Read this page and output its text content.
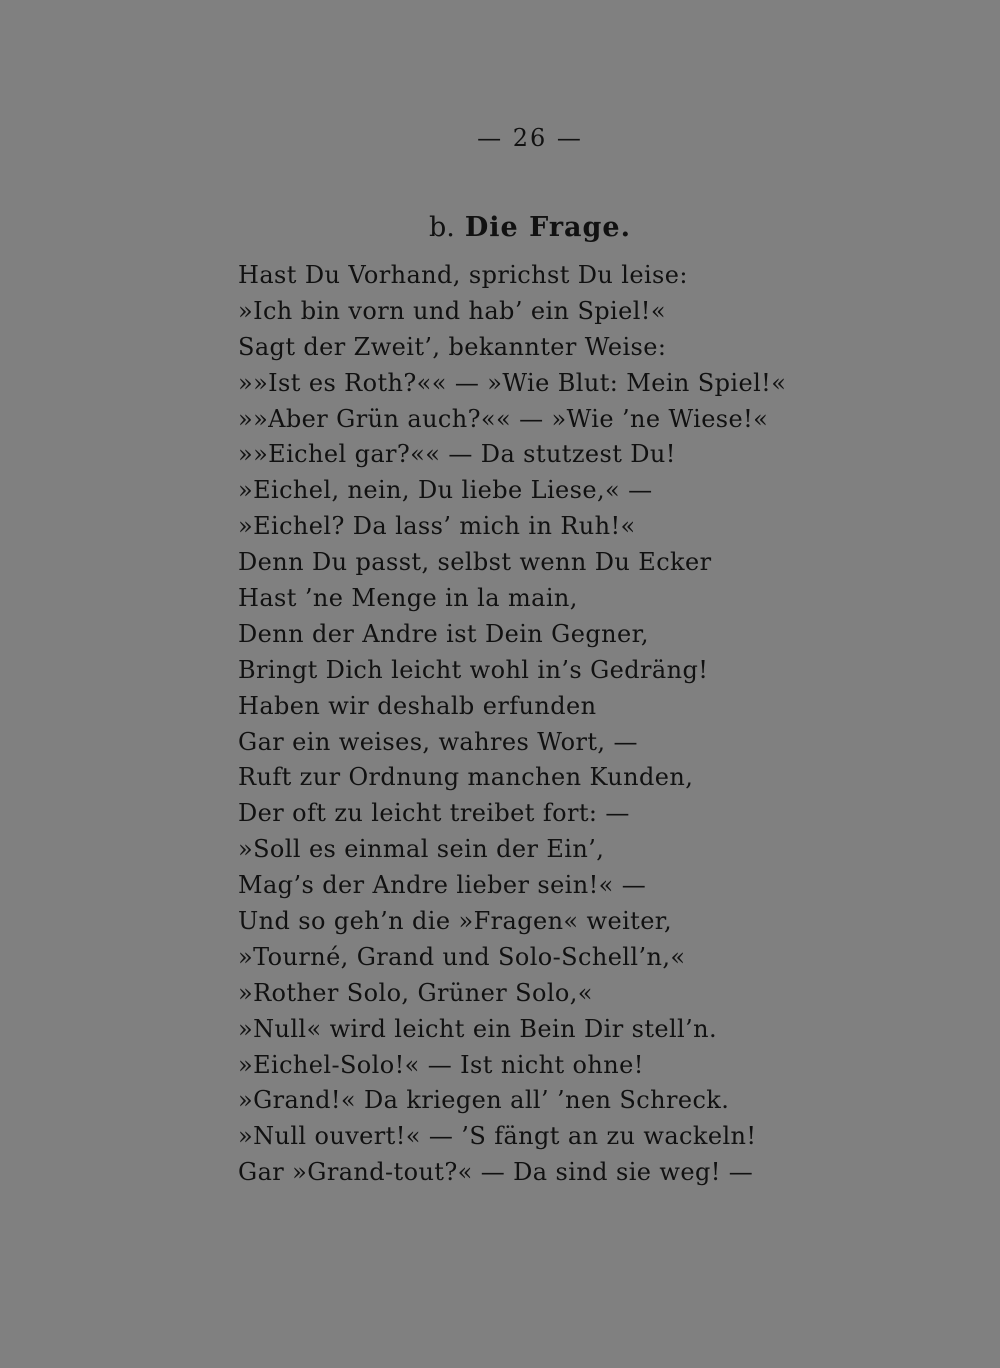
— 26 —
b. Die Frage.
Hast Du Vorhand, sprichst Du leise:
»Ich bin vorn und hab’ ein Spiel!«
Sagt der Zweit’, bekannter Weise:
»»Ist es Roth?«« — »Wie Blut: Mein Spiel!«
»»Aber Grün auch?«« — »Wie ’ne Wiese!«
»»Eichel gar?«« — Da stutzest Du!
»Eichel, nein, Du liebe Liese,« —
»Eichel? Da lass’ mich in Ruh!«
Denn Du passt, selbst wenn Du Ecker
Hast ’ne Menge in la main,
Denn der Andre ist Dein Gegner,
Bringt Dich leicht wohl in’s Gedräng!
Haben wir deshalb erfunden
Gar ein weises, wahres Wort, —
Ruft zur Ordnung manchen Kunden,
Der oft zu leicht treibet fort: —
»Soll es einmal sein der Ein’,
Mag’s der Andre lieber sein!« —
Und so geh’n die »Fragen« weiter,
»Tourné, Grand und Solo-Schell’n,«
»Rother Solo, Grüner Solo,«
»Null« wird leicht ein Bein Dir stell’n.
»Eichel-Solo!« — Ist nicht ohne!
»Grand!« Da kriegen all’ ’nen Schreck.
»Null ouvert!« — ’S fängt an zu wackeln!
Gar »Grand-tout?« — Da sind sie weg! —
